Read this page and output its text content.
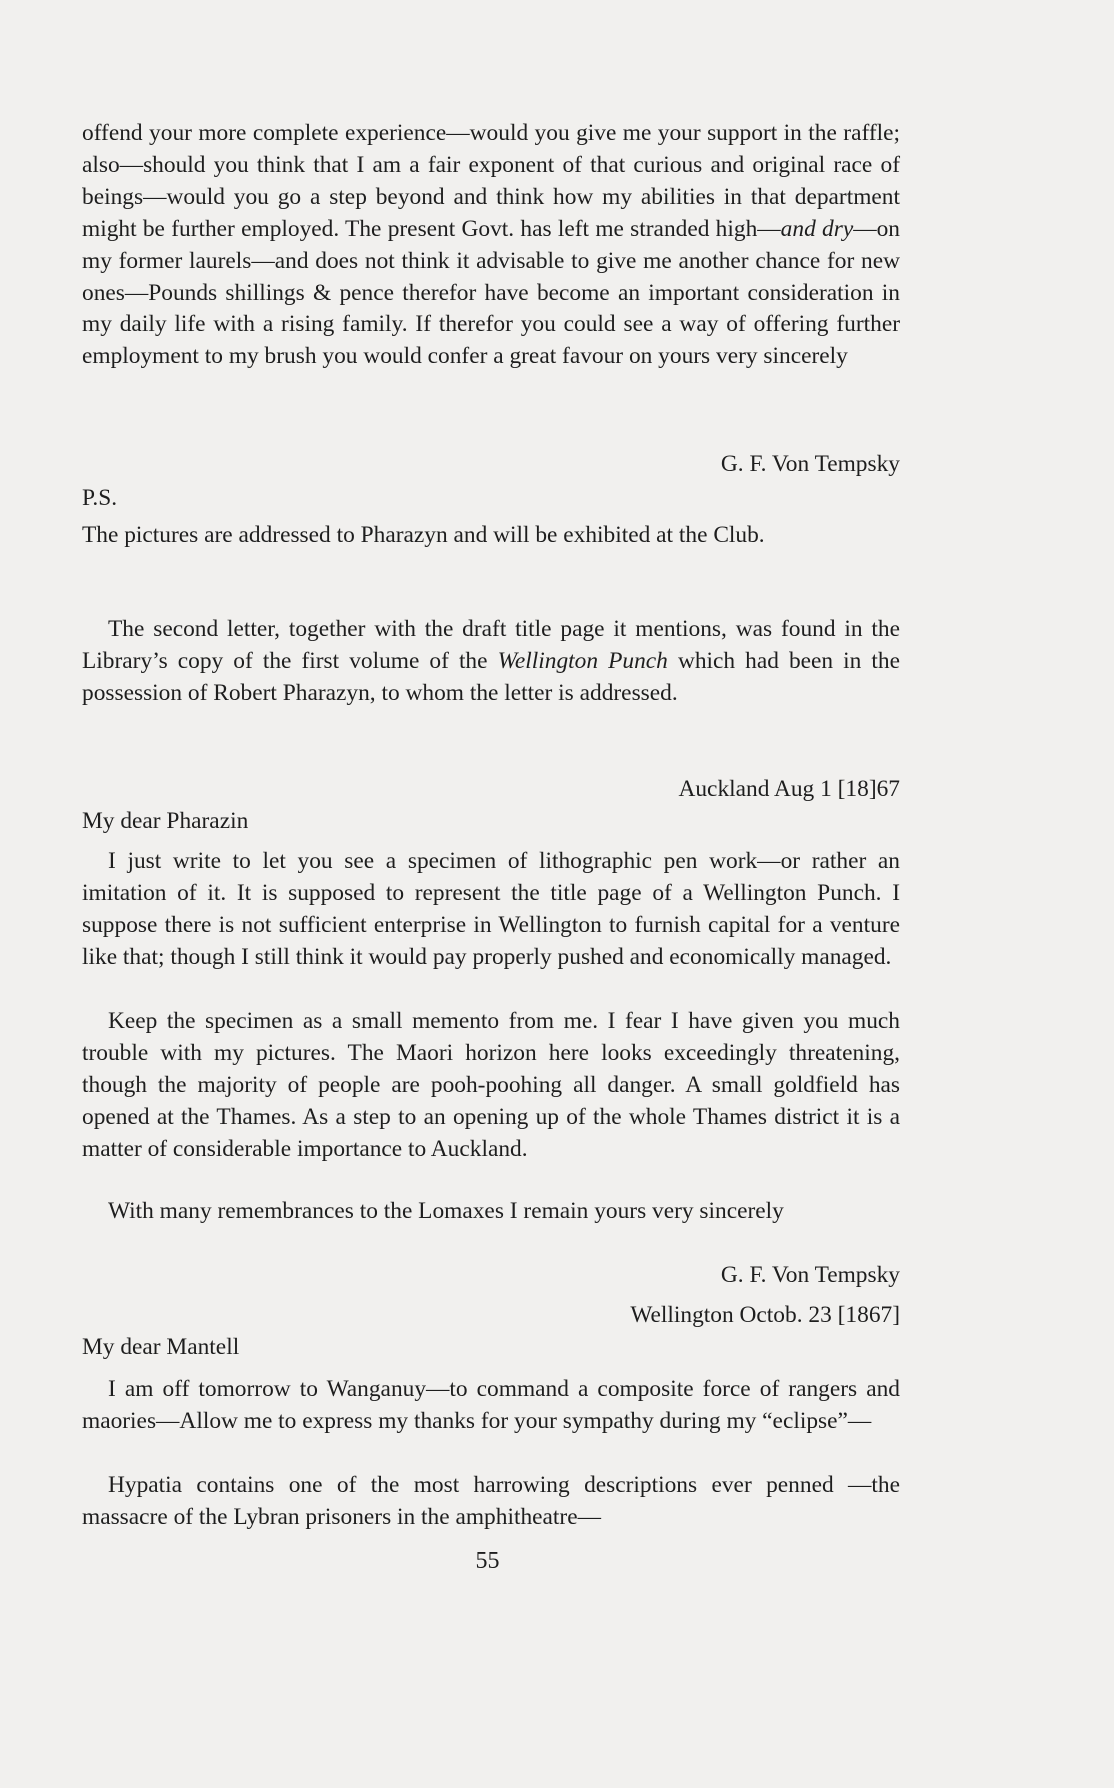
offend your more complete experience—would you give me your support in the raffle; also—should you think that I am a fair exponent of that curious and original race of beings—would you go a step beyond and think how my abilities in that department might be further employed. The present Govt. has left me stranded high—and dry—on my former laurels—and does not think it advisable to give me another chance for new ones—Pounds shillings & pence therefor have become an important consideration in my daily life with a rising family. If therefor you could see a way of offering further employment to my brush you would confer a great favour on yours very sincerely

G. F. Von Tempsky
P.S.
The pictures are addressed to Pharazyn and will be exhibited at the Club.

The second letter, together with the draft title page it mentions, was found in the Library’s copy of the first volume of the Wellington Punch which had been in the possession of Robert Pharazyn, to whom the letter is addressed.

Auckland Aug 1 [18]67
My dear Pharazin
I just write to let you see a specimen of lithographic pen work—or rather an imitation of it. It is supposed to represent the title page of a Wellington Punch. I suppose there is not sufficient enterprise in Wellington to furnish capital for a venture like that; though I still think it would pay properly pushed and economically managed.
Keep the specimen as a small memento from me. I fear I have given you much trouble with my pictures. The Maori horizon here looks exceedingly threatening, though the majority of people are pooh-poohing all danger. A small goldfield has opened at the Thames. As a step to an opening up of the whole Thames district it is a matter of considerable importance to Auckland.
With many remembrances to the Lomaxes I remain yours very sincerely
G. F. Von Tempsky
Wellington Octob. 23 [1867]
My dear Mantell
I am off tomorrow to Wanganuy—to command a composite force of rangers and maories—Allow me to express my thanks for your sympathy during my “eclipse”—
Hypatia contains one of the most harrowing descriptions ever penned —the massacre of the Lybran prisoners in the amphitheatre—
55
